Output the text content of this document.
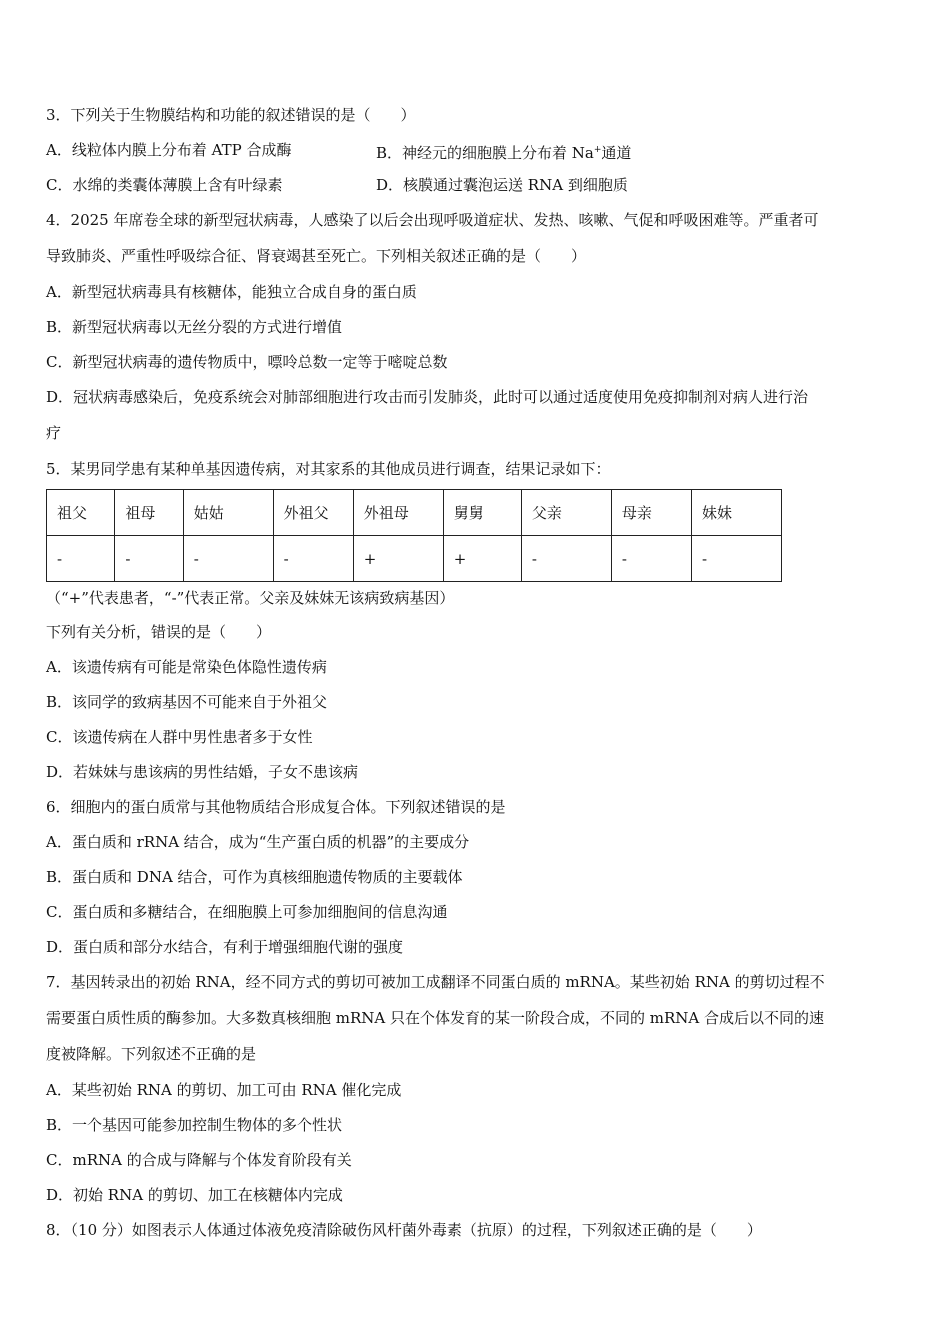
3．下列关于生物膜结构和功能的叙述错误的是（　　）
A．线粒体内膜上分布着 ATP 合成酶	B．神经元的细胞膜上分布着 Na+通道
C．水绵的类囊体薄膜上含有叶绿素	D．核膜通过囊泡运送 RNA 到细胞质
4．2025 年席卷全球的新型冠状病毒，人感染了以后会出现呼吸道症状、发热、咳嗽、气促和呼吸困难等。严重者可
导致肺炎、严重性呼吸综合征、肾衰竭甚至死亡。下列相关叙述正确的是（　　）
A．新型冠状病毒具有核糖体，能独立合成自身的蛋白质
B．新型冠状病毒以无丝分裂的方式进行增值
C．新型冠状病毒的遗传物质中，嘌呤总数一定等于嘧啶总数
D．冠状病毒感染后，免疫系统会对肺部细胞进行攻击而引发肺炎，此时可以通过适度使用免疫抑制剂对病人进行治
疗
5．某男同学患有某种单基因遗传病，对其家系的其他成员进行调查，结果记录如下：
祖父	祖母	姑姑	外祖父	外祖母	舅舅	父亲	母亲	妹妹
-	-	-	-	+	+	-	-	-
（“+”代表患者，“-”代表正常。父亲及妹妹无该病致病基因）
下列有关分析，错误的是（　　）
A．该遗传病有可能是常染色体隐性遗传病
B．该同学的致病基因不可能来自于外祖父
C．该遗传病在人群中男性患者多于女性
D．若妹妹与患该病的男性结婚，子女不患该病
6．细胞内的蛋白质常与其他物质结合形成复合体。下列叙述错误的是
A．蛋白质和 rRNA 结合，成为“生产蛋白质的机器”的主要成分
B．蛋白质和 DNA 结合，可作为真核细胞遗传物质的主要载体
C．蛋白质和多糖结合，在细胞膜上可参加细胞间的信息沟通
D．蛋白质和部分水结合，有利于增强细胞代谢的强度
7．基因转录出的初始 RNA，经不同方式的剪切可被加工成翻译不同蛋白质的 mRNA。某些初始 RNA 的剪切过程不
需要蛋白质性质的酶参加。大多数真核细胞 mRNA 只在个体发育的某一阶段合成，不同的 mRNA 合成后以不同的速
度被降解。下列叙述不正确的是
A．某些初始 RNA 的剪切、加工可由 RNA 催化完成
B．一个基因可能参加控制生物体的多个性状
C．mRNA 的合成与降解与个体发育阶段有关
D．初始 RNA 的剪切、加工在核糖体内完成
8．（10 分）如图表示人体通过体液免疫清除破伤风杆菌外毒素（抗原）的过程，下列叙述正确的是（　　）
